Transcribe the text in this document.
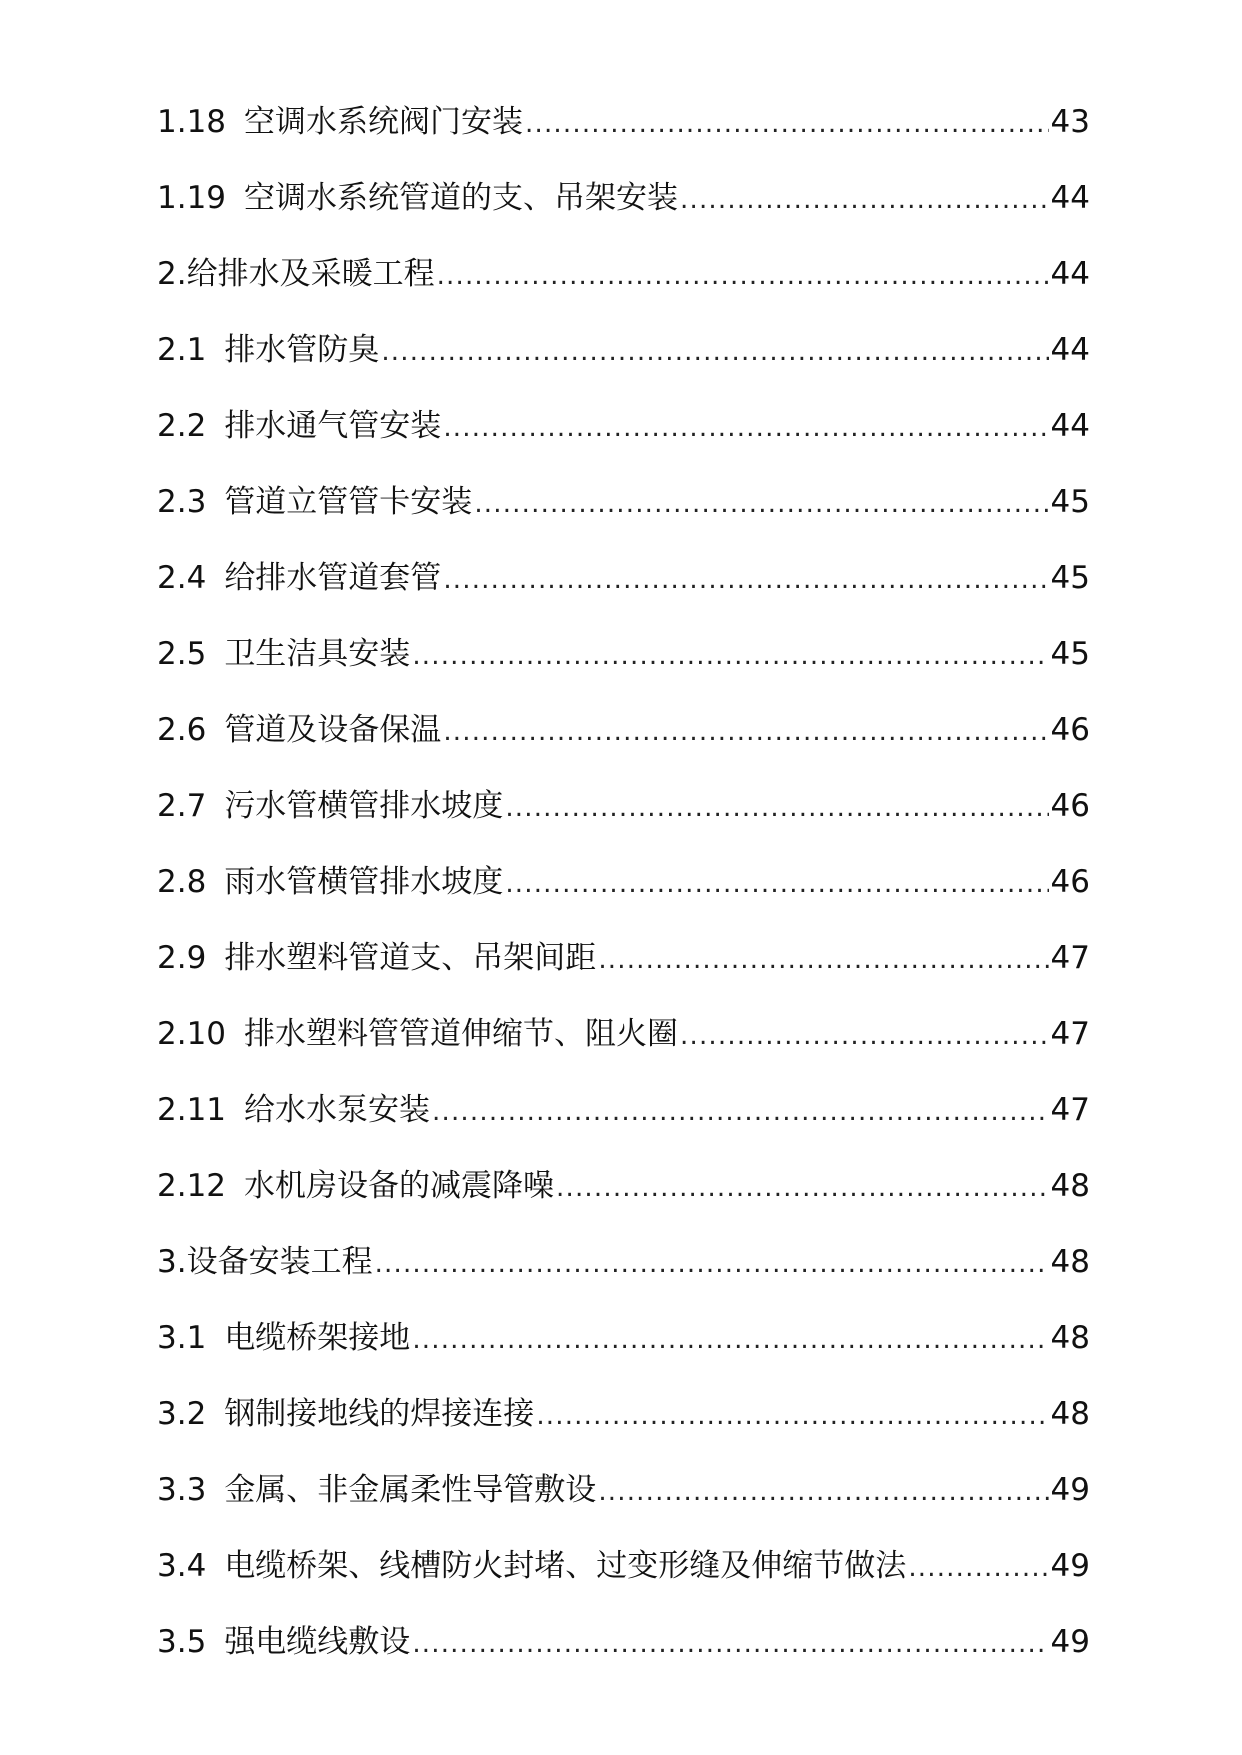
1.18 空调水系统阀门安装 .....	43
1.19 空调水系统管道的支、吊架安装 .....	44
2. 给排水及采暖工程 .....	44
2.1 排水管防臭 .....	44
2.2 排水通气管安装 .....	44
2.3 管道立管管卡安装 .....	45
2.4 给排水管道套管 .....	45
2.5 卫生洁具安装 .....	45
2.6 管道及设备保温 .....	46
2.7 污水管横管排水坡度 .....	46
2.8 雨水管横管排水坡度 .....	46
2.9 排水塑料管道支、吊架间距 .....	47
2.10 排水塑料管管道伸缩节、阻火圈 .....	47
2.11 给水水泵安装 .....	47
2.12 水机房设备的减震降噪 .....	48
3. 设备安装工程 .....	48
3.1 电缆桥架接地 .....	48
3.2 钢制接地线的焊接连接 .....	48
3.3 金属、非金属柔性导管敷设 .....	49
3.4 电缆桥架、线槽防火封堵、过变形缝及伸缩节做法 .....	49
3.5 强电缆线敷设 .....	49
